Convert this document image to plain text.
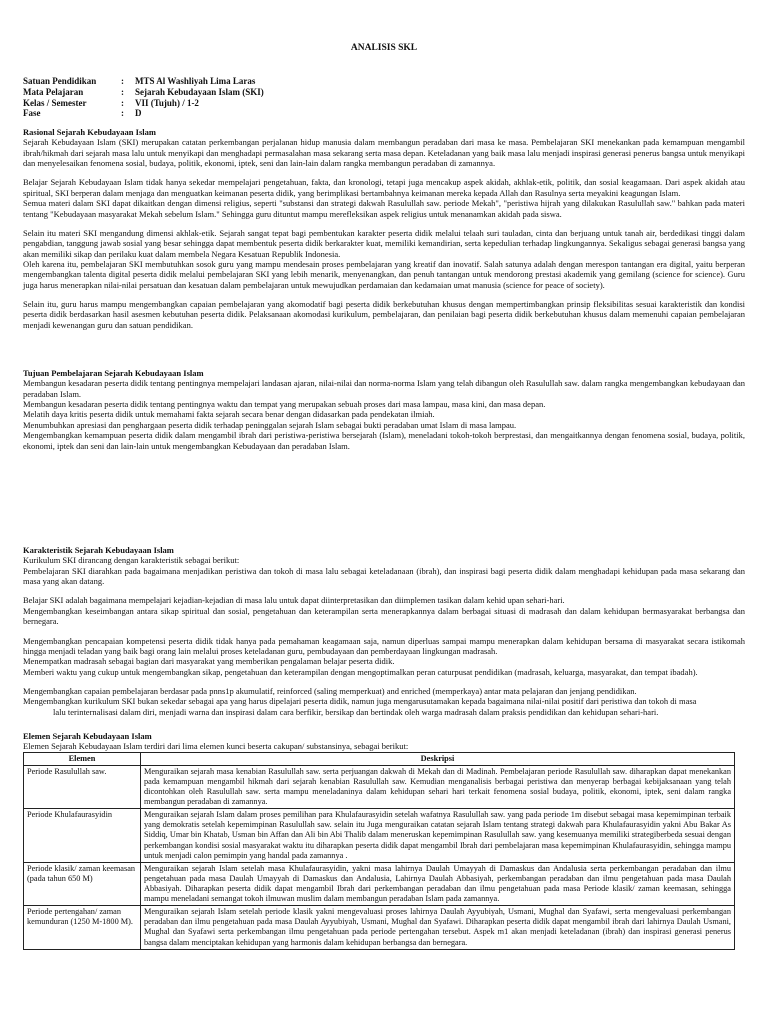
ANALISIS SKL
Satuan Pendidikan	:	MTS Al Washliyah Lima Laras
Mata Pelajaran	:	Sejarah Kebudayaan Islam (SKI)
Kelas / Semester	:	VII (Tujuh) / 1-2
Fase	:	D

Rasional Sejarah Kebudayaan Islam

Sejarah Kebudayaan Islam (SKI) merupakan catatan perkembangan perjalanan hidup manusia dalam membangun peradaban dari masa ke masa. Pembelajaran SKI menekankan pada kemampuan mengambil ibrah/hikmah dari sejarah masa lalu untuk menyikapi dan menghadapi permasalahan masa sekarang serta masa depan. Keteladanan yang baik masa lalu menjadi inspirasi generasi penerus bangsa untuk menyikapi dan menyelesaikan fenomena sosial, budaya, politik, ekonomi, iptek, seni dan lain-lain dalam rangka membangun peradaban di zamannya.

Belajar Sejarah Kebudayaan Islam tidak hanya sekedar mempelajari pengetahuan, fakta, dan kronologi, tetapi juga mencakup aspek akidah, akhlak-etik, politik, dan sosial keagamaan. Dari aspek akidah atau spiritual, SKI berperan dalam menjaga dan menguatkan keimanan peserta didik, yang berimplikasi bertambahnya keimanan mereka kepada Allah dan Rasulnya serta meyakini keagungan Islam.

Semua materi dalam SKI dapat dikaitkan dengan dimensi religius, seperti "substansi dan strategi dakwah Rasulullah saw. periode Mekah", "peristiwa hijrah yang dilakukan Rasulullah saw." bahkan pada materi tentang "Kebudayaan masyarakat Mekah sebelum Islam." Sehingga guru dituntut mampu merefleksikan aspek religius untuk menanamkan akidah pada siswa.

Selain itu materi SKI mengandung dimensi akhlak-etik. Sejarah sangat tepat bagi pembentukan karakter peserta didik melalui telaah suri tauladan, cinta dan berjuang untuk tanah air, berdedikasi tinggi dalam pengabdian, tanggung jawab sosial yang besar sehingga dapat membentuk peserta didik berkarakter kuat, memiliki kemandirian, serta kepedulian terhadap lingkungannya. Sekaligus sebagai generasi bangsa yang akan memiliki sikap dan perilaku kuat dalam membela Negara Kesatuan Republik Indonesia.

Oleh karena itu, pembelajaran SKI membutuhkan sosok guru yang mampu mendesain proses pembelajaran yang kreatif dan inovatif. Salah satunya adalah dengan merespon tantangan era digital, yaitu berperan mengembangkan talenta digital peserta didik melalui pembelajaran SKI yang lebih menarik, menyenangkan, dan penuh tantangan untuk mendorong prestasi akademik yang gemilang (science for science). Guru juga harus menerapkan nilai-nilai persatuan dan kesatuan dalam pembelajaran untuk mewujudkan perdamaian dan kedamaian umat manusia (science for peace of society).

Selain itu, guru harus mampu mengembangkan capaian pembelajaran yang akomodatif bagi peserta didik berkebutuhan khusus dengan mempertimbangkan prinsip fleksibilitas sesuai karakteristik dan kondisi peserta didik berdasarkan hasil asesmen kebutuhan peserta didik. Pelaksanaan akomodasi kurikulum, pembelajaran, dan penilaian bagi peserta didik berkebutuhan khusus dalam memenuhi capaian pembelajaran menjadi kewenangan guru dan satuan pendidikan.

Tujuan Pembelajaran Sejarah Kebudayaan Islam

Membangun kesadaran peserta didik tentang pentingnya mempelajari landasan ajaran, nilai-nilai dan norma-norma Islam yang telah dibangun oleh Rasulullah saw. dalam rangka mengembangkan kebudayaan dan peradaban Islam.

Membangun kesadaran peserta didik tentang pentingnya waktu dan tempat yang merupakan sebuah proses dari masa lampau, masa kini, dan masa depan.

Melatih daya kritis peserta didik untuk memahami fakta sejarah secara benar dengan didasarkan pada pendekatan ilmiah.

Menumbuhkan apresiasi dan penghargaan peserta didik terhadap peninggalan sejarah Islam sebagai bukti peradaban umat Islam di masa lampau.

Mengembangkan kemampuan peserta didik dalam mengambil ibrah dari peristiwa-peristiwa bersejarah (Islam), meneladani tokoh-tokoh berprestasi, dan mengaitkannya dengan fenomena sosial, budaya, politik, ekonomi, iptek dan seni dan lain-lain untuk mengembangkan Kebudayaan dan peradaban Islam.

Karakteristik Sejarah Kebudayaan Islam

Kurikulum SKI dirancang dengan karakteristik sebagai berikut:

Pembelajaran SKI diarahkan pada bagaimana menjadikan peristiwa dan tokoh di masa lalu sebagai keteladanaan (ibrah), dan inspirasi bagi peserta didik dalam menghadapi kehidupan pada masa sekarang dan masa yang akan datang.

Belajar SKI adalah bagaimana mempelajari kejadian-kejadian di masa lalu untuk dapat diinterpretasikan dan diimplemen tasikan dalam kehid upan sehari-hari.

Mengembangkan keseimbangan antara sikap spiritual dan sosial, pengetahuan dan keterampilan serta menerapkannya dalam berbagai situasi di madrasah dan dalam kehidupan bermasyarakat berbangsa dan bernegara.

Mengembangkan pencapaian kompetensi peserta didik tidak hanya pada pemahaman keagamaan saja, namun diperluas sampai mampu menerapkan dalam kehidupan bersama di masyarakat secara istikomah hingga menjadi teladan yang baik bagi orang lain melalui proses keteladanan guru, pembudayaan dan pemberdayaan lingkungan madrasah.

Menempatkan madrasah sebagai bagian dari masyarakat yang memberikan pengalaman belajar peserta didik.

Memberi waktu yang cukup untuk mengembangkan sikap, pengetahuan dan keterampilan dengan mengoptimalkan peran caturpusat pendidikan (madrasah, keluarga, masyarakat, dan tempat ibadah).

Mengembangkan capaian pembelajaran berdasar pada pnns1p akumulatif, reinforced (saling memperkuat) and enriched (memperkaya) antar mata pelajaran dan jenjang pendidikan.

Mengembangkan kurikulum SKI bukan sekedar sebagai apa yang harus dipelajari peserta didik, namun juga mengarusutamakan kepada bagaimana nilai-nilai positif dari peristiwa dan tokoh di masa

lalu terinternalisasi dalam diri, menjadi warna dan inspirasi dalam cara berfikir, bersikap dan bertindak oleh warga madrasah dalam praksis pendidikan dan kehidupan sehari-hari.

Elemen Sejarah Kebudayaan Islam

Elemen Sejarah Kebudayaan Islam terdiri dari lima elemen kunci beserta cakupan/ substansinya, sebagai berikut:

Elemen	Deskripsi
Periode Rasulullah saw.	Menguraikan sejarah masa kenabian Rasulullah saw. serta perjuangan dakwah di Mekah dan di Madinah. Pembelajaran periode Rasulullah saw. diharapkan dapat menekankan pada kemampuan mengambil hikmah dari sejarah kenabian Rasulullah saw. Kemudian menganalisis berbagai peristiwa dan menyerap berbagai kebijaksanaan yang telah dicontohkan oleh Rasulullah saw. serta mampu meneladaninya dalam kehidupan sehari hari terkait fenomena sosial budaya, politik, ekonomi, iptek, seni dalam rangka membangun peradaban di zamannya.
Periode Khulafaurasyidin	Menguraikan sejarah Islam dalam proses pemilihan para Khulafaurasyidin setelah wafatnya Rasulullah saw. yang pada periode 1m disebut sebagai masa kepemimpinan terbaik yang demokratis setelah kepemimpinan Rasulullah saw. selain itu Juga menguraikan catatan sejarah Islam tentang strategi dakwah para Khulafaurasyidin yakni Abu Bakar As Siddiq, Umar bin Khatab, Usman bin Affan dan Ali bin Abi Thalib dalam meneruskan kepemimpinan Rasulullah saw. yang kesemuanya memiliki strategiberbeda sesuai dengan perkembangan kondisi sosial masyarakat waktu itu diharapkan peserta didik dapat mengambil Ibrah dari pembelajaran masa kepemimpinan Khulafaurasyidin, sehingga mampu untuk menjadi calon pemimpin yang handal pada zamannya .
Periode klasik/ zaman keemasan (pada tahun 650 M)	Menguraikan sejarah Islam setelah masa Khulafaurasyidin, yakni masa lahirnya Daulah Umayyah di Damaskus dan Andalusia serta perkembangan peradaban dan ilmu pengetahuan pada masa Daulah Umayyah di Damaskus dan Andalusia, Lahirnya Daulah Abbasiyah, perkembangan peradaban dan ilmu pengetahuan pada masa Daulah Abbasiyah. Diharapkan peserta didik dapat mengambil Ibrah dari perkembangan peradaban dan ilmu pengetahuan pada masa Periode klasik/ zaman keemasan, sehingga mampu meneladani semangat tokoh ilmuwan muslim dalam membangun peradaban Islam pada zamannya.
Periode pertengahan/ zaman kemunduran (1250 M-1800 M).	Menguraikan sejarah Islam setelah periode klasik yakni mengevaluasi proses lahirnya Daulah Ayyubiyah, Usmani, Mughal dan Syafawi, serta mengevaluasi perkembangan peradaban dan ilmu pengetahuan pada masa Daulah Ayyubiyah, Usmani, Mughal dan Syafawi. Diharapkan peserta didik dapat mengambil ibrah dari lahirnya Daulah Usmani, Mughal dan Syafawi serta perkembangan ilmu pengetahuan pada periode pertengahan tersebut. Aspek m1 akan menjadi keteladanan (ibrah) dan inspirasi generasi penerus bangsa dalam menciptakan kehidupan yang harmonis dalam kehidupan berbangsa dan bernegara.
